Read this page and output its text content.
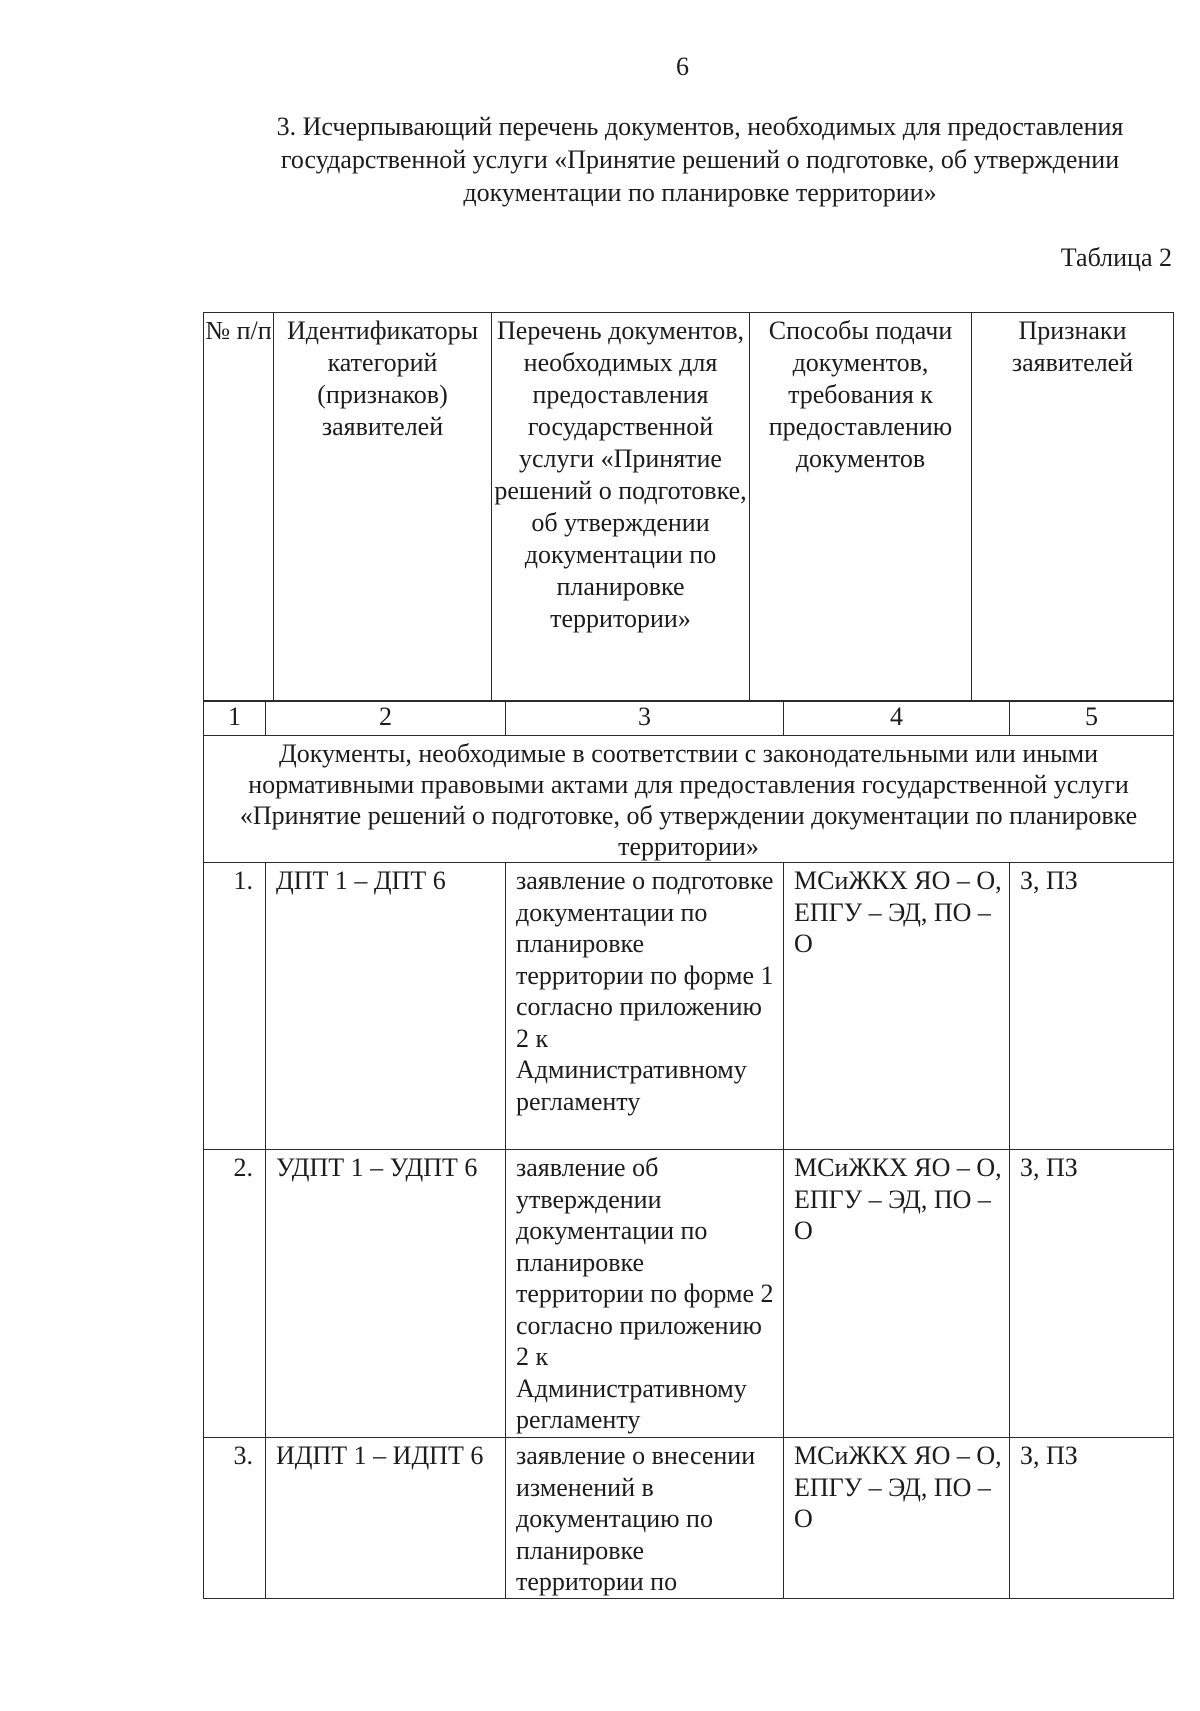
6
3. Исчерпывающий перечень документов, необходимых для предоставления
государственной услуги «Принятие решений о подготовке, об утверждении
документации по планировке территории»
Таблица 2
№ п/п	Идентификаторы категорий (признаков) заявителей	Перечень документов, необходимых для предоставления государственной услуги «Принятие решений о подготовке, об утверждении документации по планировке территории»	Способы подачи документов, требования к предоставлению документов	Признаки заявителей
1	2	3	4	5
Документы, необходимые в соответствии с законодательными или иными нормативными правовыми актами для предоставления государственной услуги «Принятие решений о подготовке, об утверждении документации по планировке территории»				
1.	ДПТ 1 – ДПТ 6	заявление о подготовке документации по планировке территории по форме 1 согласно приложению 2 к Административному регламенту	МСиЖКХ ЯО – О, ЕПГУ – ЭД, ПО – О	З, ПЗ
2.	УДПТ 1 – УДПТ 6	заявление об утверждении документации по планировке территории по форме 2 согласно приложению 2 к Административному регламенту	МСиЖКХ ЯО – О, ЕПГУ – ЭД, ПО – О	З, ПЗ
3.	ИДПТ 1 – ИДПТ 6	заявление о внесении изменений в документацию по планировке территории по	МСиЖКХ ЯО – О, ЕПГУ – ЭД, ПО – О	З, ПЗ
